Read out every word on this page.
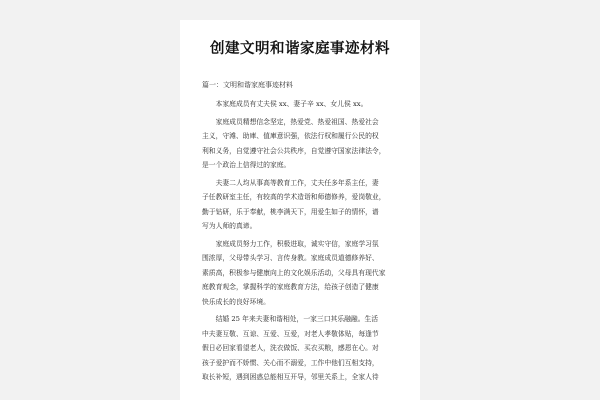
创建文明和谐家庭事迹材料
篇一：文明和谐家庭事迹材料
本家庭成员有丈夫侯 xx、妻子辛 xx、女儿侯 xx。
家庭成员精想信念坚定，热爱党、热爱祖国、热爱社会
主义，守滩、助庫、值庫意识强，依法行权和履行公民的权
利和义务，自觉遵守社会公共秩序，自觉遵守国家法律法令，
是一个政治上信得过的家庭。
夫妻二人均从事高等教育工作，丈夫任多年系主任，妻
子任教研室主任，有较高的学术造诣和师德修养，爱岗敬业，
勤于钻研，乐于奉献，桃李满天下，用爱生如子的情怀，谱
写为人师的真谛。
家庭成员努力工作，积极进取，诚实守信，家庭学习氛
围浓厚，父母带头学习、言传身教。家庭成员道德修养好、
素质高，积极参与健康向上的文化娱乐活动，父母具有现代家
庭教育观念，掌握科学的家庭教育方法，给孩子创造了健康
快乐成长的良好环境。
结婚 25 年来夫妻和谐相处，一家三口其乐融融。生活
中夫妻互敬、互谅、互爱、互爱，对老人孝敬体贴，每逢节
假日必回家看望老人，洗衣做饭、买衣买粮，感恩在心。对
孩子爱护而不娇惯、关心而不溺爱，工作中他们互相支持，
取长补短，遇到困惑总能相互开导，邻里关系上，全家人待
